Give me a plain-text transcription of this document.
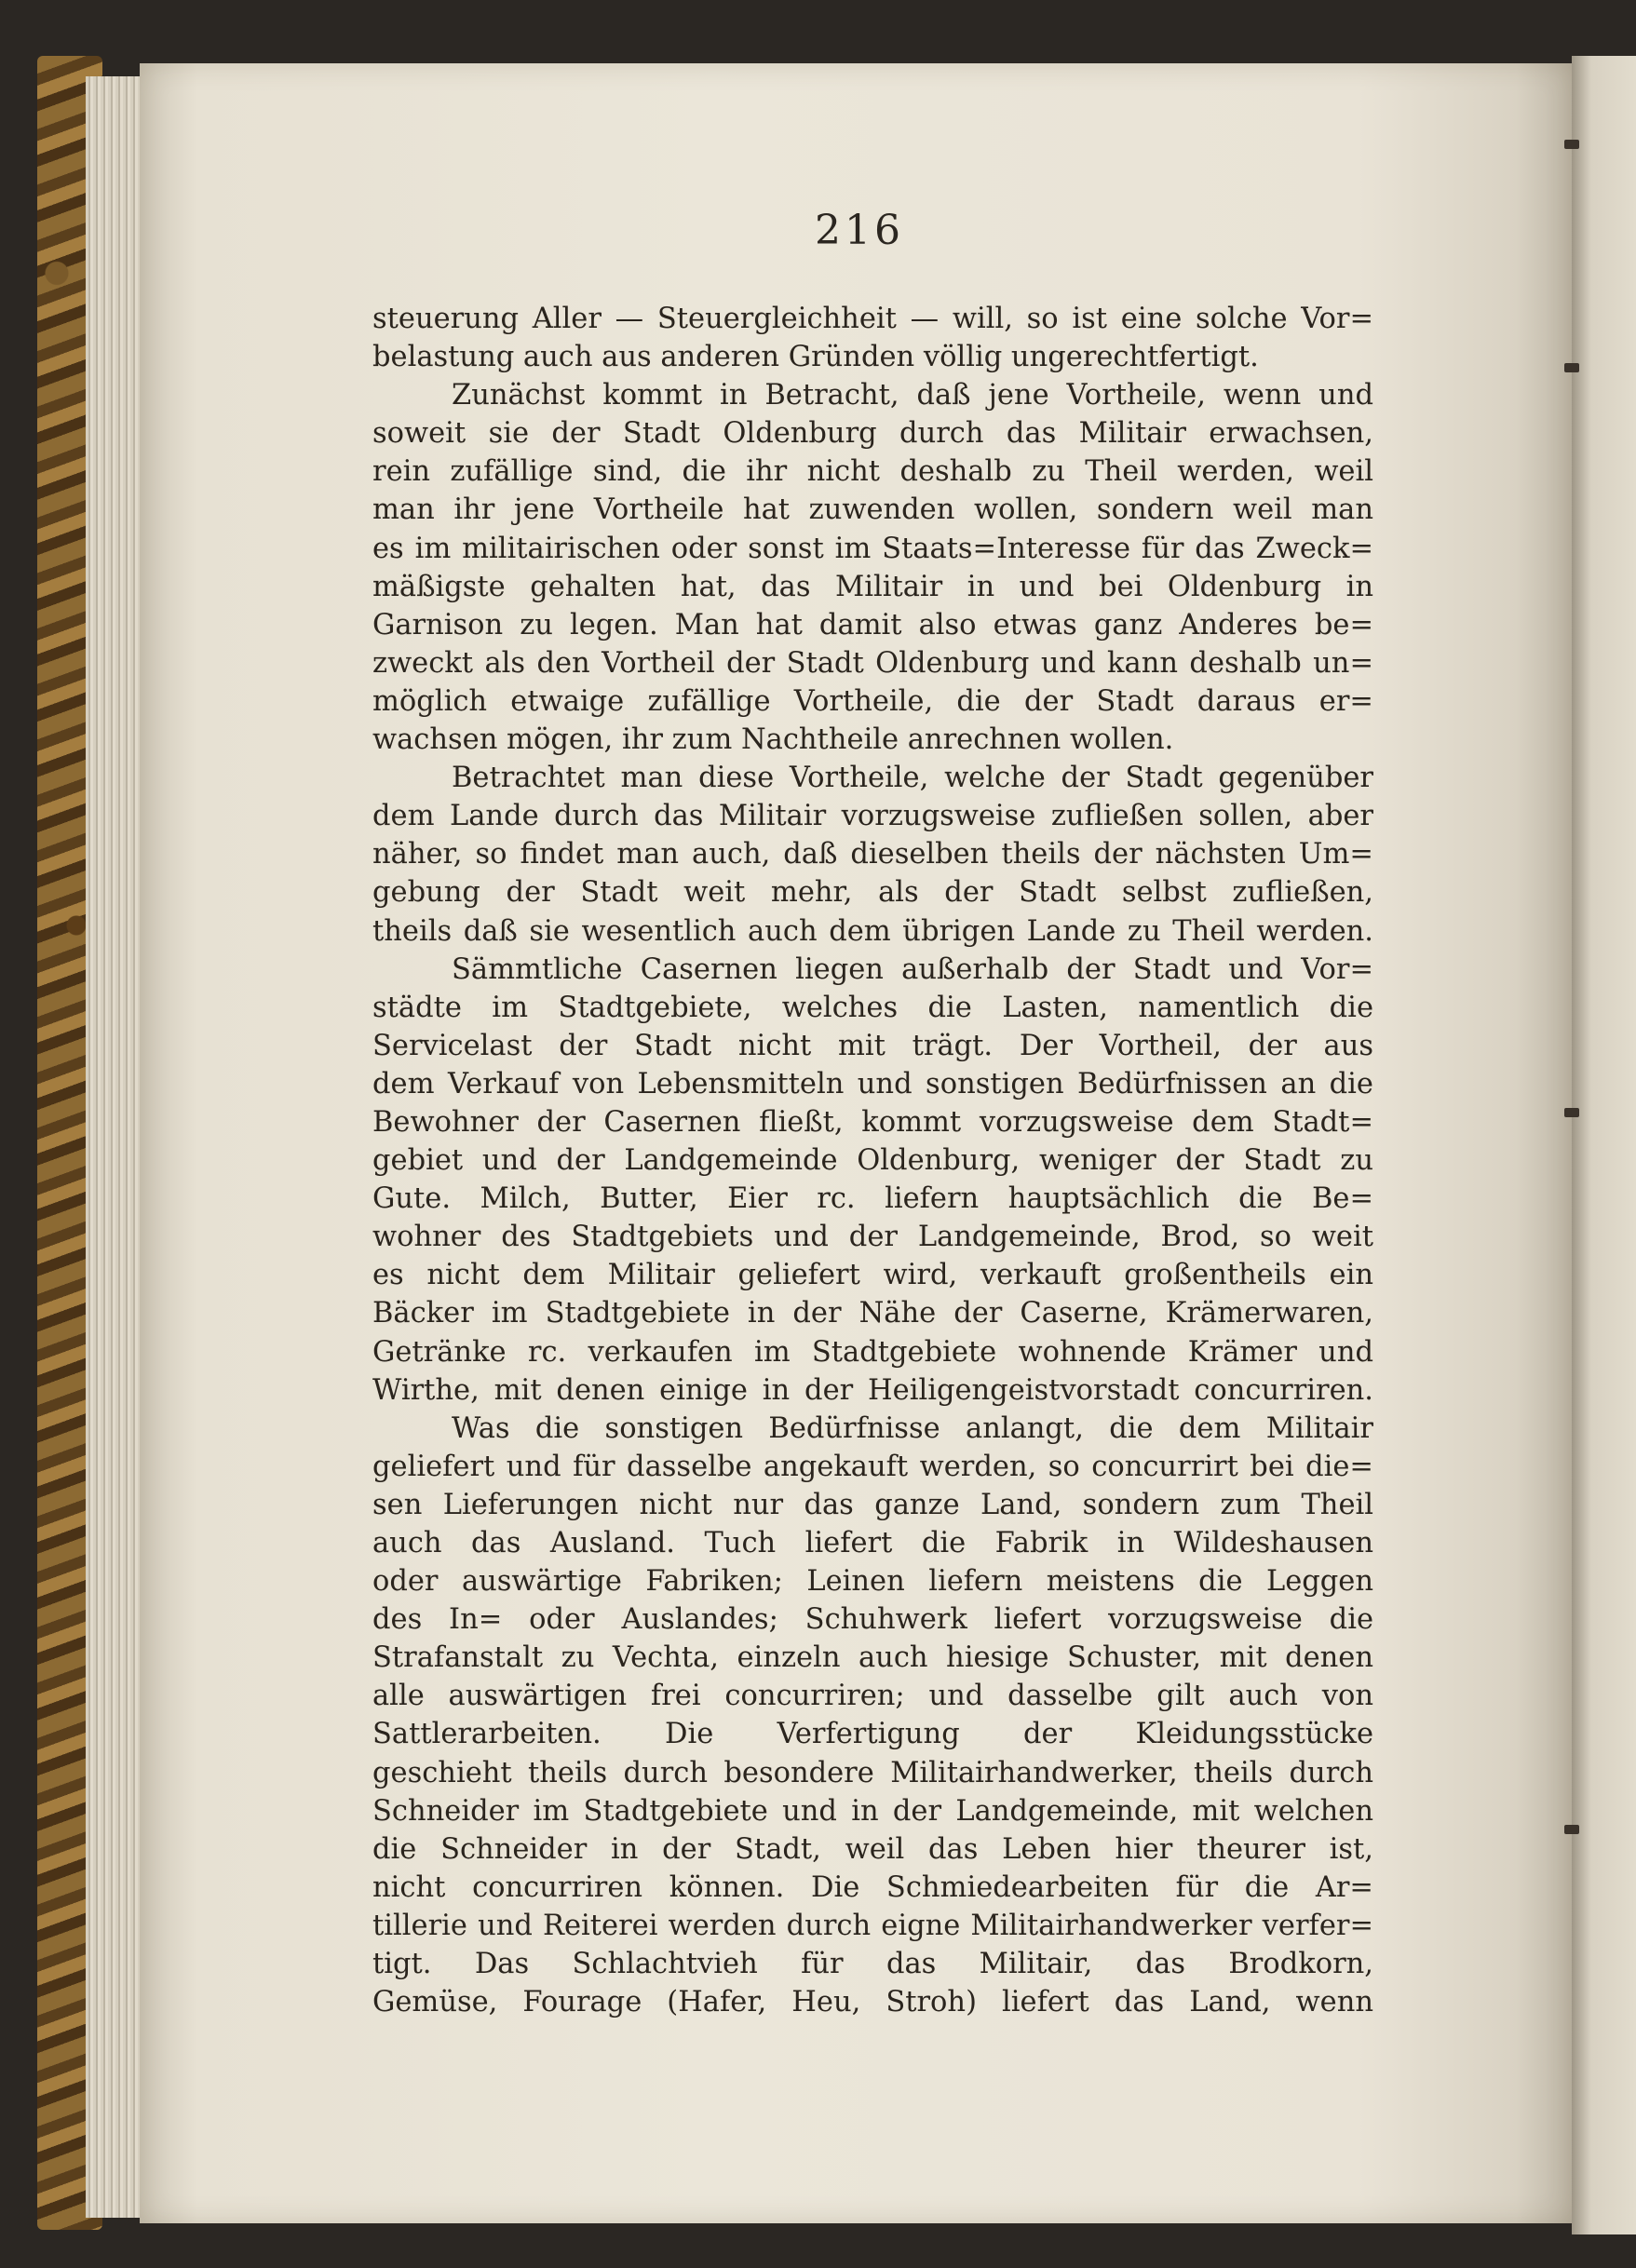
216
steuerung Aller — Steuergleichheit — will, so ist eine solche Vor=
belastung auch aus anderen Gründen völlig ungerechtfertigt.
Zunächst kommt in Betracht, daß jene Vortheile, wenn und
soweit sie der Stadt Oldenburg durch das Militair erwachsen,
rein zufällige sind, die ihr nicht deshalb zu Theil werden, weil
man ihr jene Vortheile hat zuwenden wollen, sondern weil man
es im militairischen oder sonst im Staats=Interesse für das Zweck=
mäßigste gehalten hat, das Militair in und bei Oldenburg in
Garnison zu legen. Man hat damit also etwas ganz Anderes be=
zweckt als den Vortheil der Stadt Oldenburg und kann deshalb un=
möglich etwaige zufällige Vortheile, die der Stadt daraus er=
wachsen mögen, ihr zum Nachtheile anrechnen wollen.
Betrachtet man diese Vortheile, welche der Stadt gegenüber
dem Lande durch das Militair vorzugsweise zufließen sollen, aber
näher, so findet man auch, daß dieselben theils der nächsten Um=
gebung der Stadt weit mehr, als der Stadt selbst zufließen,
theils daß sie wesentlich auch dem übrigen Lande zu Theil werden.
Sämmtliche Casernen liegen außerhalb der Stadt und Vor=
städte im Stadtgebiete, welches die Lasten, namentlich die
Servicelast der Stadt nicht mit trägt. Der Vortheil, der aus
dem Verkauf von Lebensmitteln und sonstigen Bedürfnissen an die
Bewohner der Casernen fließt, kommt vorzugsweise dem Stadt=
gebiet und der Landgemeinde Oldenburg, weniger der Stadt zu
Gute. Milch, Butter, Eier rc. liefern hauptsächlich die Be=
wohner des Stadtgebiets und der Landgemeinde, Brod, so weit
es nicht dem Militair geliefert wird, verkauft großentheils ein
Bäcker im Stadtgebiete in der Nähe der Caserne, Krämerwaren,
Getränke rc. verkaufen im Stadtgebiete wohnende Krämer und
Wirthe, mit denen einige in der Heiligengeistvorstadt concurriren.
Was die sonstigen Bedürfnisse anlangt, die dem Militair
geliefert und für dasselbe angekauft werden, so concurrirt bei die=
sen Lieferungen nicht nur das ganze Land, sondern zum Theil
auch das Ausland. Tuch liefert die Fabrik in Wildeshausen
oder auswärtige Fabriken; Leinen liefern meistens die Leggen
des In= oder Auslandes; Schuhwerk liefert vorzugsweise die
Strafanstalt zu Vechta, einzeln auch hiesige Schuster, mit denen
alle auswärtigen frei concurriren; und dasselbe gilt auch von
Sattlerarbeiten. Die Verfertigung der Kleidungsstücke
geschieht theils durch besondere Militairhandwerker, theils durch
Schneider im Stadtgebiete und in der Landgemeinde, mit welchen
die Schneider in der Stadt, weil das Leben hier theurer ist,
nicht concurriren können. Die Schmiedearbeiten für die Ar=
tillerie und Reiterei werden durch eigne Militairhandwerker verfer=
tigt. Das Schlachtvieh für das Militair, das Brodkorn,
Gemüse, Fourage (Hafer, Heu, Stroh) liefert das Land, wenn
